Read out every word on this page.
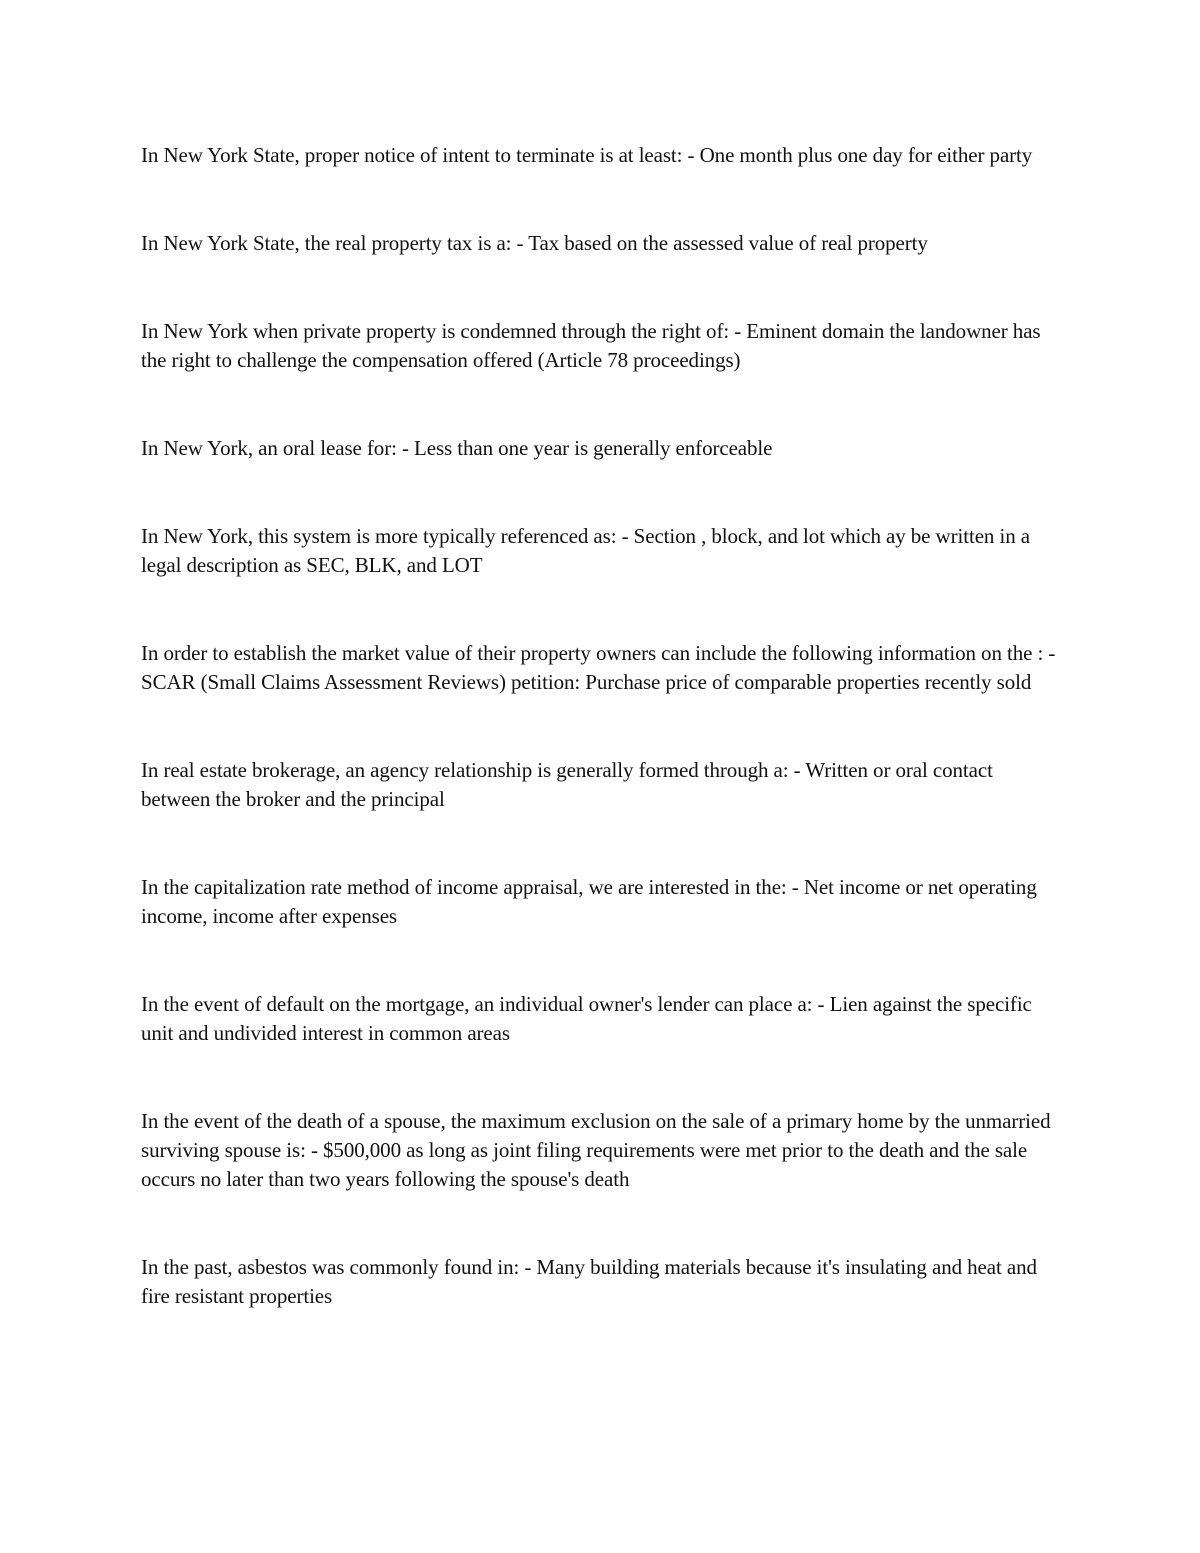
In New York State, proper notice of intent to terminate is at least: - One month plus one day for either party

In New York State, the real property tax is a: - Tax based on the assessed value of real property

In New York when private property is condemned through the right of: - Eminent domain the landowner has the right to challenge the compensation offered (Article 78 proceedings)

In New York, an oral lease for: - Less than one year is generally enforceable

In New York, this system is more typically referenced as: - Section , block, and lot which ay be written in a legal description as SEC, BLK, and LOT

In order to establish the market value of their property owners can include the following information on the : - SCAR (Small Claims Assessment Reviews) petition: Purchase price of comparable properties recently sold

In real estate brokerage, an agency relationship is generally formed through a: - Written or oral contact between the broker and the principal

In the capitalization rate method of income appraisal, we are interested in the: - Net income or net operating income, income after expenses

In the event of default on the mortgage, an individual owner's lender can place a: - Lien against the specific unit and undivided interest in common areas

In the event of the death of a spouse, the maximum exclusion on the sale of a primary home by the unmarried surviving spouse is: - $500,000 as long as joint filing requirements were met prior to the death and the sale occurs no later than two years following the spouse's death

In the past, asbestos was commonly found in: - Many building materials because it's insulating and heat and fire resistant properties
